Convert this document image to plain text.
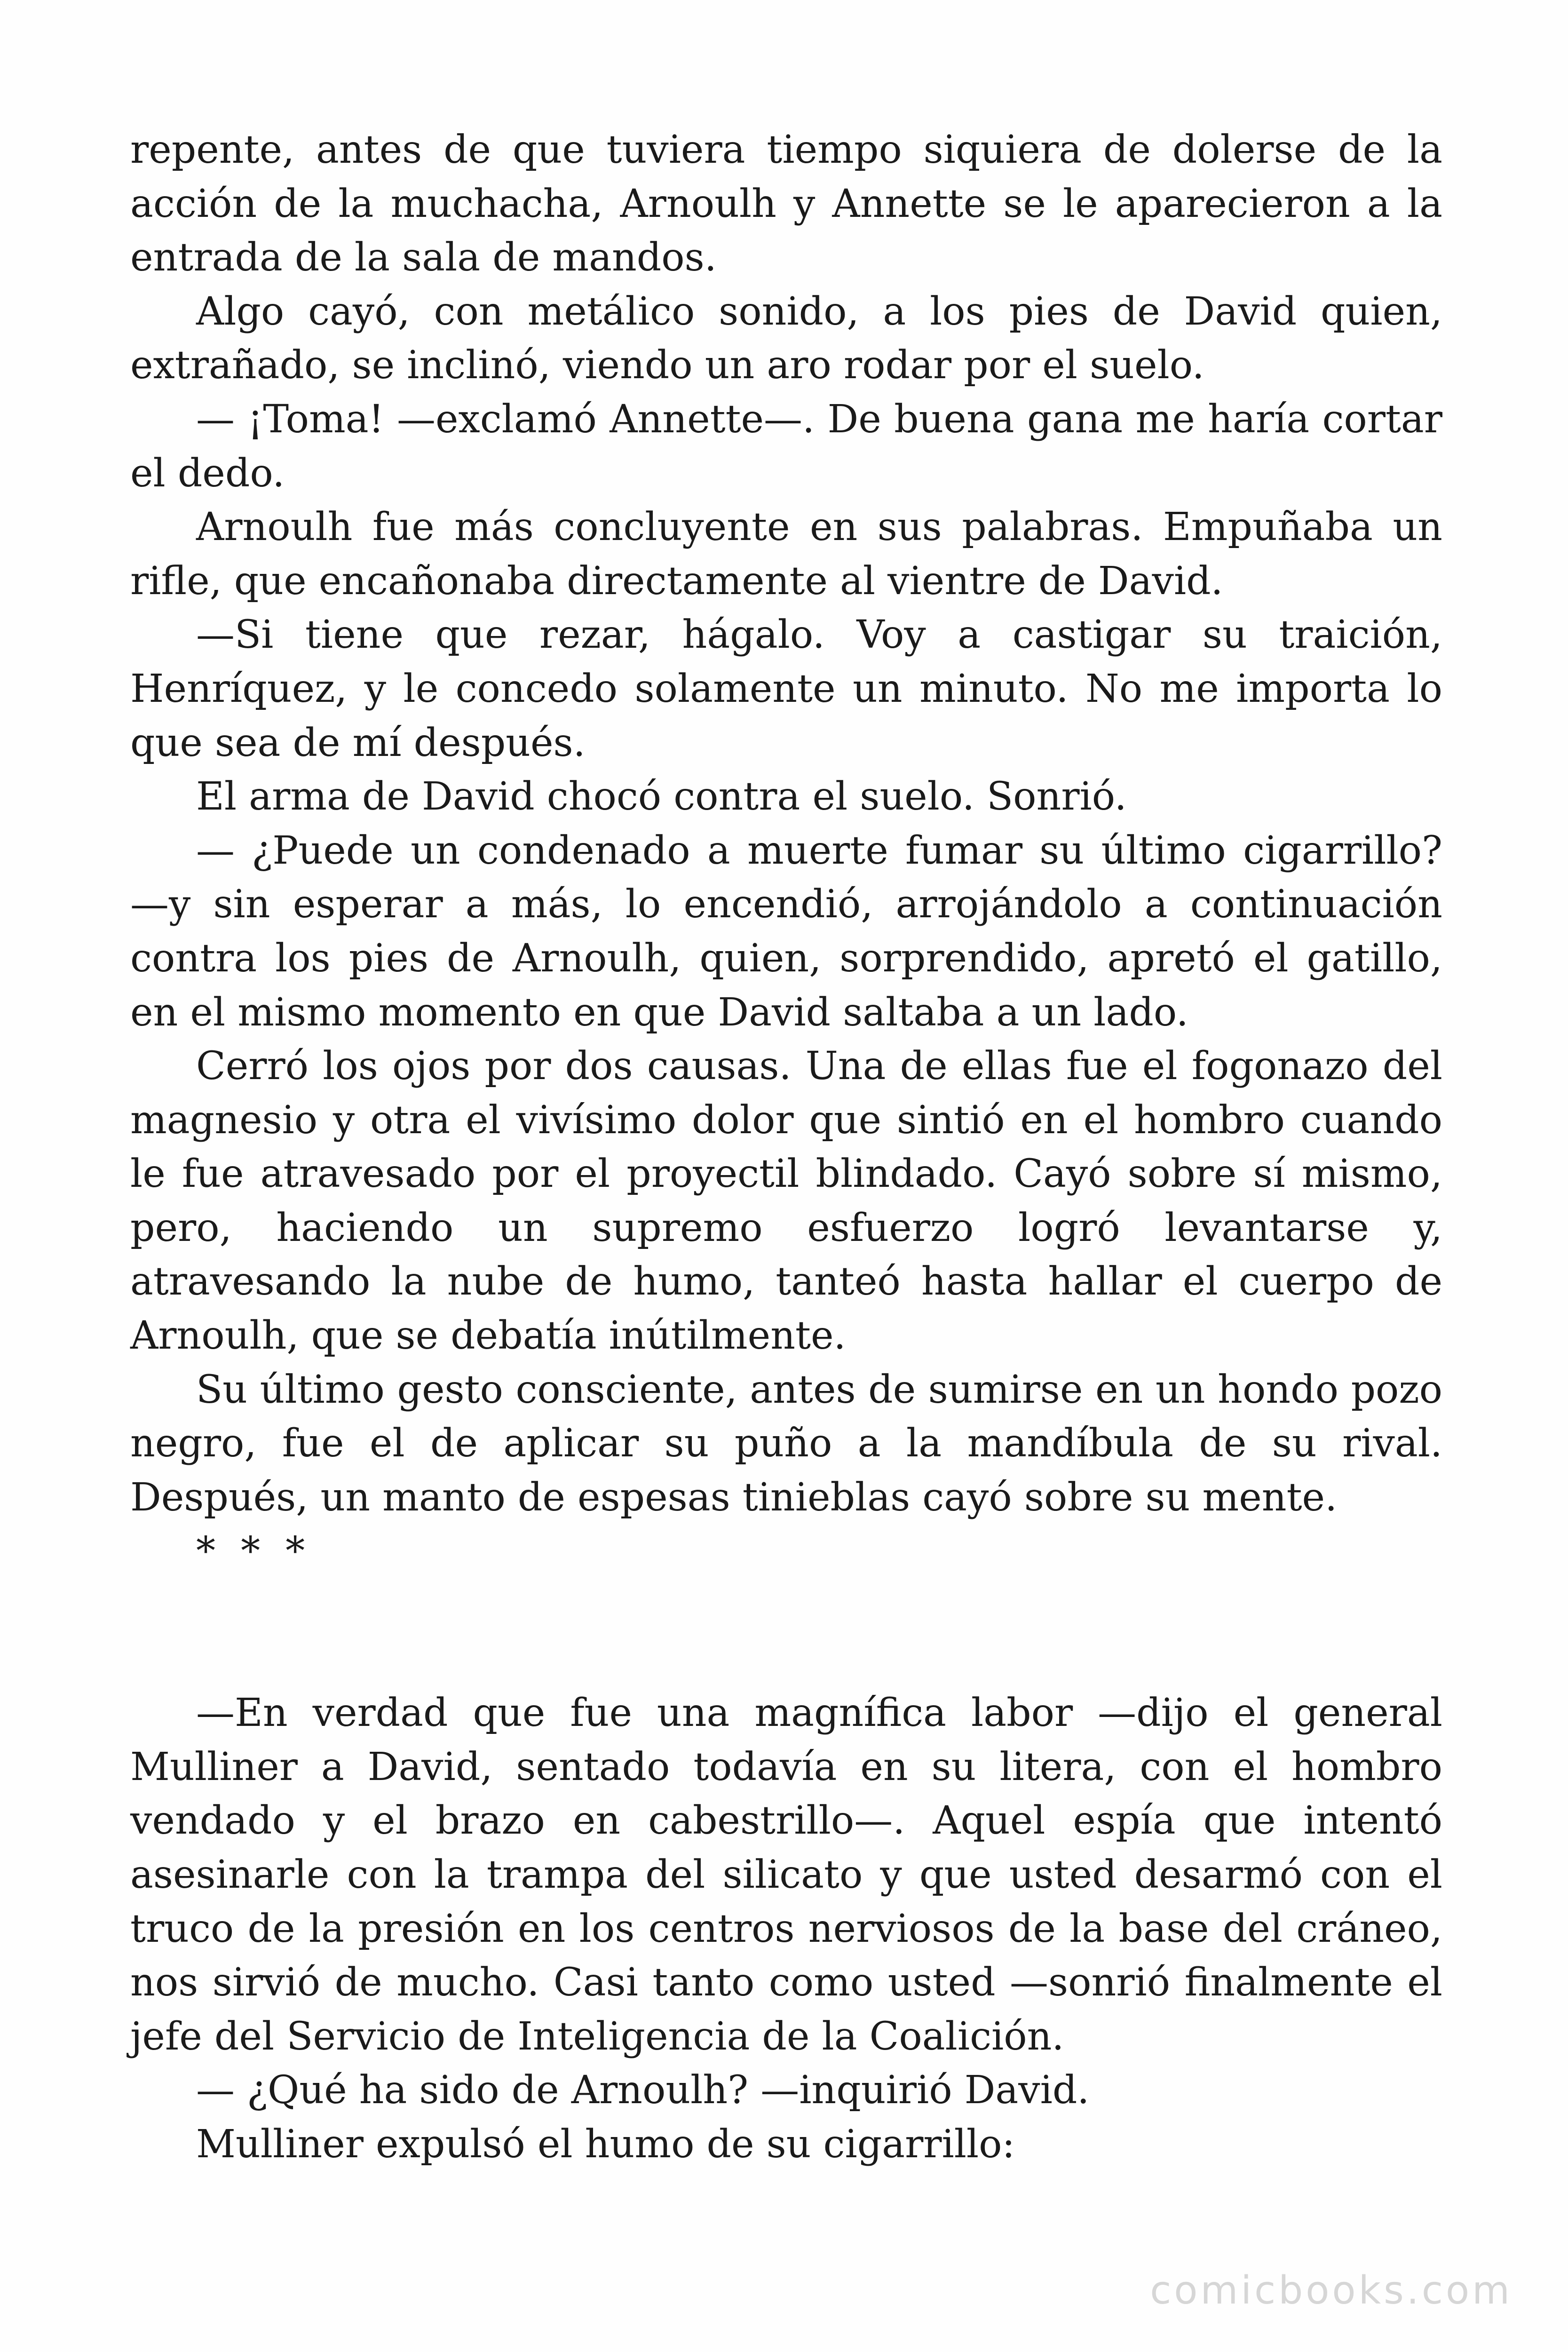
repente, antes de que tuviera tiempo siquiera de dolerse de la acción de la muchacha, Arnoulh y Annette se le aparecieron a la entrada de la sala de mandos.

Algo cayó, con metálico sonido, a los pies de David quien, extrañado, se inclinó, viendo un aro rodar por el suelo.

— ¡Toma! —exclamó Annette—. De buena gana me haría cortar el dedo.

Arnoulh fue más concluyente en sus palabras. Empuñaba un rifle, que encañonaba directamente al vientre de David.

—Si tiene que rezar, hágalo. Voy a castigar su traición, Henríquez, y le concedo solamente un minuto. No me importa lo que sea de mí después.

El arma de David chocó contra el suelo. Sonrió.

— ¿Puede un condenado a muerte fumar su último cigarrillo? —y sin esperar a más, lo encendió, arrojándolo a continuación contra los pies de Arnoulh, quien, sorprendido, apretó el gatillo, en el mismo momento en que David saltaba a un lado.

Cerró los ojos por dos causas. Una de ellas fue el fogonazo del magnesio y otra el vivísimo dolor que sintió en el hombro cuando le fue atravesado por el proyectil blindado. Cayó sobre sí mismo, pero, haciendo un supremo esfuerzo logró levantarse y, atravesando la nube de humo, tanteó hasta hallar el cuerpo de Arnoulh, que se debatía inútilmente.

Su último gesto consciente, antes de sumirse en un hondo pozo negro, fue el de aplicar su puño a la mandíbula de su rival. Después, un manto de espesas tinieblas cayó sobre su mente.

* * *

—En verdad que fue una magnífica labor —dijo el general Mulliner a David, sentado todavía en su litera, con el hombro vendado y el brazo en cabestrillo—. Aquel espía que intentó asesinarle con la trampa del silicato y que usted desarmó con el truco de la presión en los centros nerviosos de la base del cráneo, nos sirvió de mucho. Casi tanto como usted —sonrió finalmente el jefe del Servicio de Inteligencia de la Coalición.

— ¿Qué ha sido de Arnoulh? —inquirió David.

Mulliner expulsó el humo de su cigarrillo:

comicbooks.com
